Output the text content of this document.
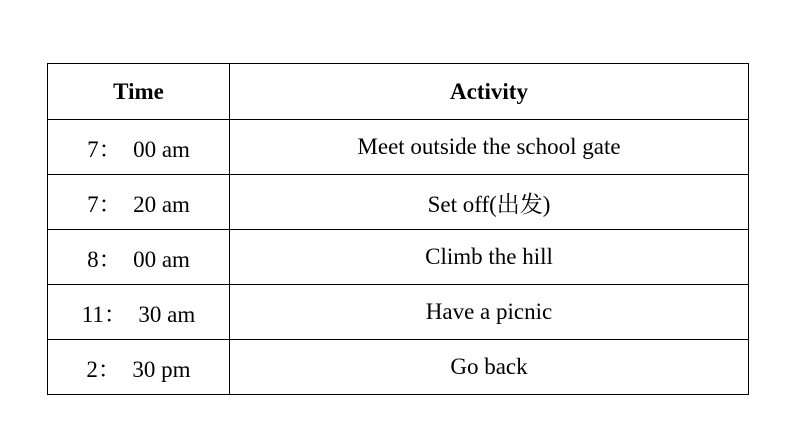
Time	Activity
7：  00 am	Meet outside the school gate
7：  20 am	Set off(出发)
8：  00 am	Climb the hill
11：  30 am	Have a picnic
2：  30 pm	Go back
